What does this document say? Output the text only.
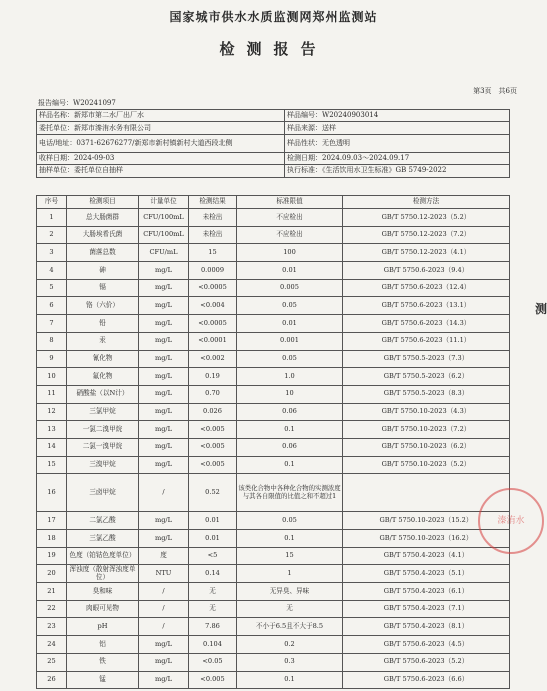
国家城市供水水质监测网郑州监测站
检测报告
第3页　共6页
报告编号：W20241097
样品名称：新郑市第二水厂出厂水	样品编号：W20240903014
委托单位：新郑市溱洧水务有限公司	样品来源：送样
电话/地址：0371-62676277/新郑市新村镇新村大道西段北侧	样品性状：无色透明
收样日期：2024-09-03	检测日期：2024.09.03～2024.09.17
抽样单位：委托单位自抽样	执行标准：《生活饮用水卫生标准》GB 5749-2022
序号	检测项目	计量单位	检测结果	标准限值	检测方法
1	总大肠菌群	CFU/100mL	未检出	不应检出	GB/T 5750.12-2023（5.2）
2	大肠埃希氏菌	CFU/100mL	未检出	不应检出	GB/T 5750.12-2023（7.2）
3	菌落总数	CFU/mL	15	100	GB/T 5750.12-2023（4.1）
4	砷	mg/L	0.0009	0.01	GB/T 5750.6-2023（9.4）
5	镉	mg/L	<0.0005	0.005	GB/T 5750.6-2023（12.4）
6	铬（六价）	mg/L	<0.004	0.05	GB/T 5750.6-2023（13.1）
7	铅	mg/L	<0.0005	0.01	GB/T 5750.6-2023（14.3）
8	汞	mg/L	<0.0001	0.001	GB/T 5750.6-2023（11.1）
9	氰化物	mg/L	<0.002	0.05	GB/T 5750.5-2023（7.3）
10	氟化物	mg/L	0.19	1.0	GB/T 5750.5-2023（6.2）
11	硝酸盐（以N计）	mg/L	0.70	10	GB/T 5750.5-2023（8.3）
12	三氯甲烷	mg/L	0.026	0.06	GB/T 5750.10-2023（4.3）
13	一氯二溴甲烷	mg/L	<0.005	0.1	GB/T 5750.10-2023（7.2）
14	二氯一溴甲烷	mg/L	<0.005	0.06	GB/T 5750.10-2023（6.2）
15	三溴甲烷	mg/L	<0.005	0.1	GB/T 5750.10-2023（5.2）
16	三卤甲烷	/	0.52	该类化合物中各种化合物的实测浓度与其各自限值的比值之和不超过1	
17	二氯乙酸	mg/L	0.01	0.05	GB/T 5750.10-2023（15.2）
18	三氯乙酸	mg/L	0.01	0.1	GB/T 5750.10-2023（16.2）
19	色度（铂钴色度单位）	度	<5	15	GB/T 5750.4-2023（4.1）
20	浑浊度（散射浑浊度单位）	NTU	0.14	1	GB/T 5750.4-2023（5.1）
21	臭和味	/	无	无异臭、异味	GB/T 5750.4-2023（6.1）
22	肉眼可见物	/	无	无	GB/T 5750.4-2023（7.1）
23	pH	/	7.86	不小于6.5且不大于8.5	GB/T 5750.4-2023（8.1）
24	铝	mg/L	0.104	0.2	GB/T 5750.6-2023（4.5）
25	铁	mg/L	<0.05	0.3	GB/T 5750.6-2023（5.2）
26	锰	mg/L	<0.005	0.1	GB/T 5750.6-2023（6.6）
溱洧水
测
